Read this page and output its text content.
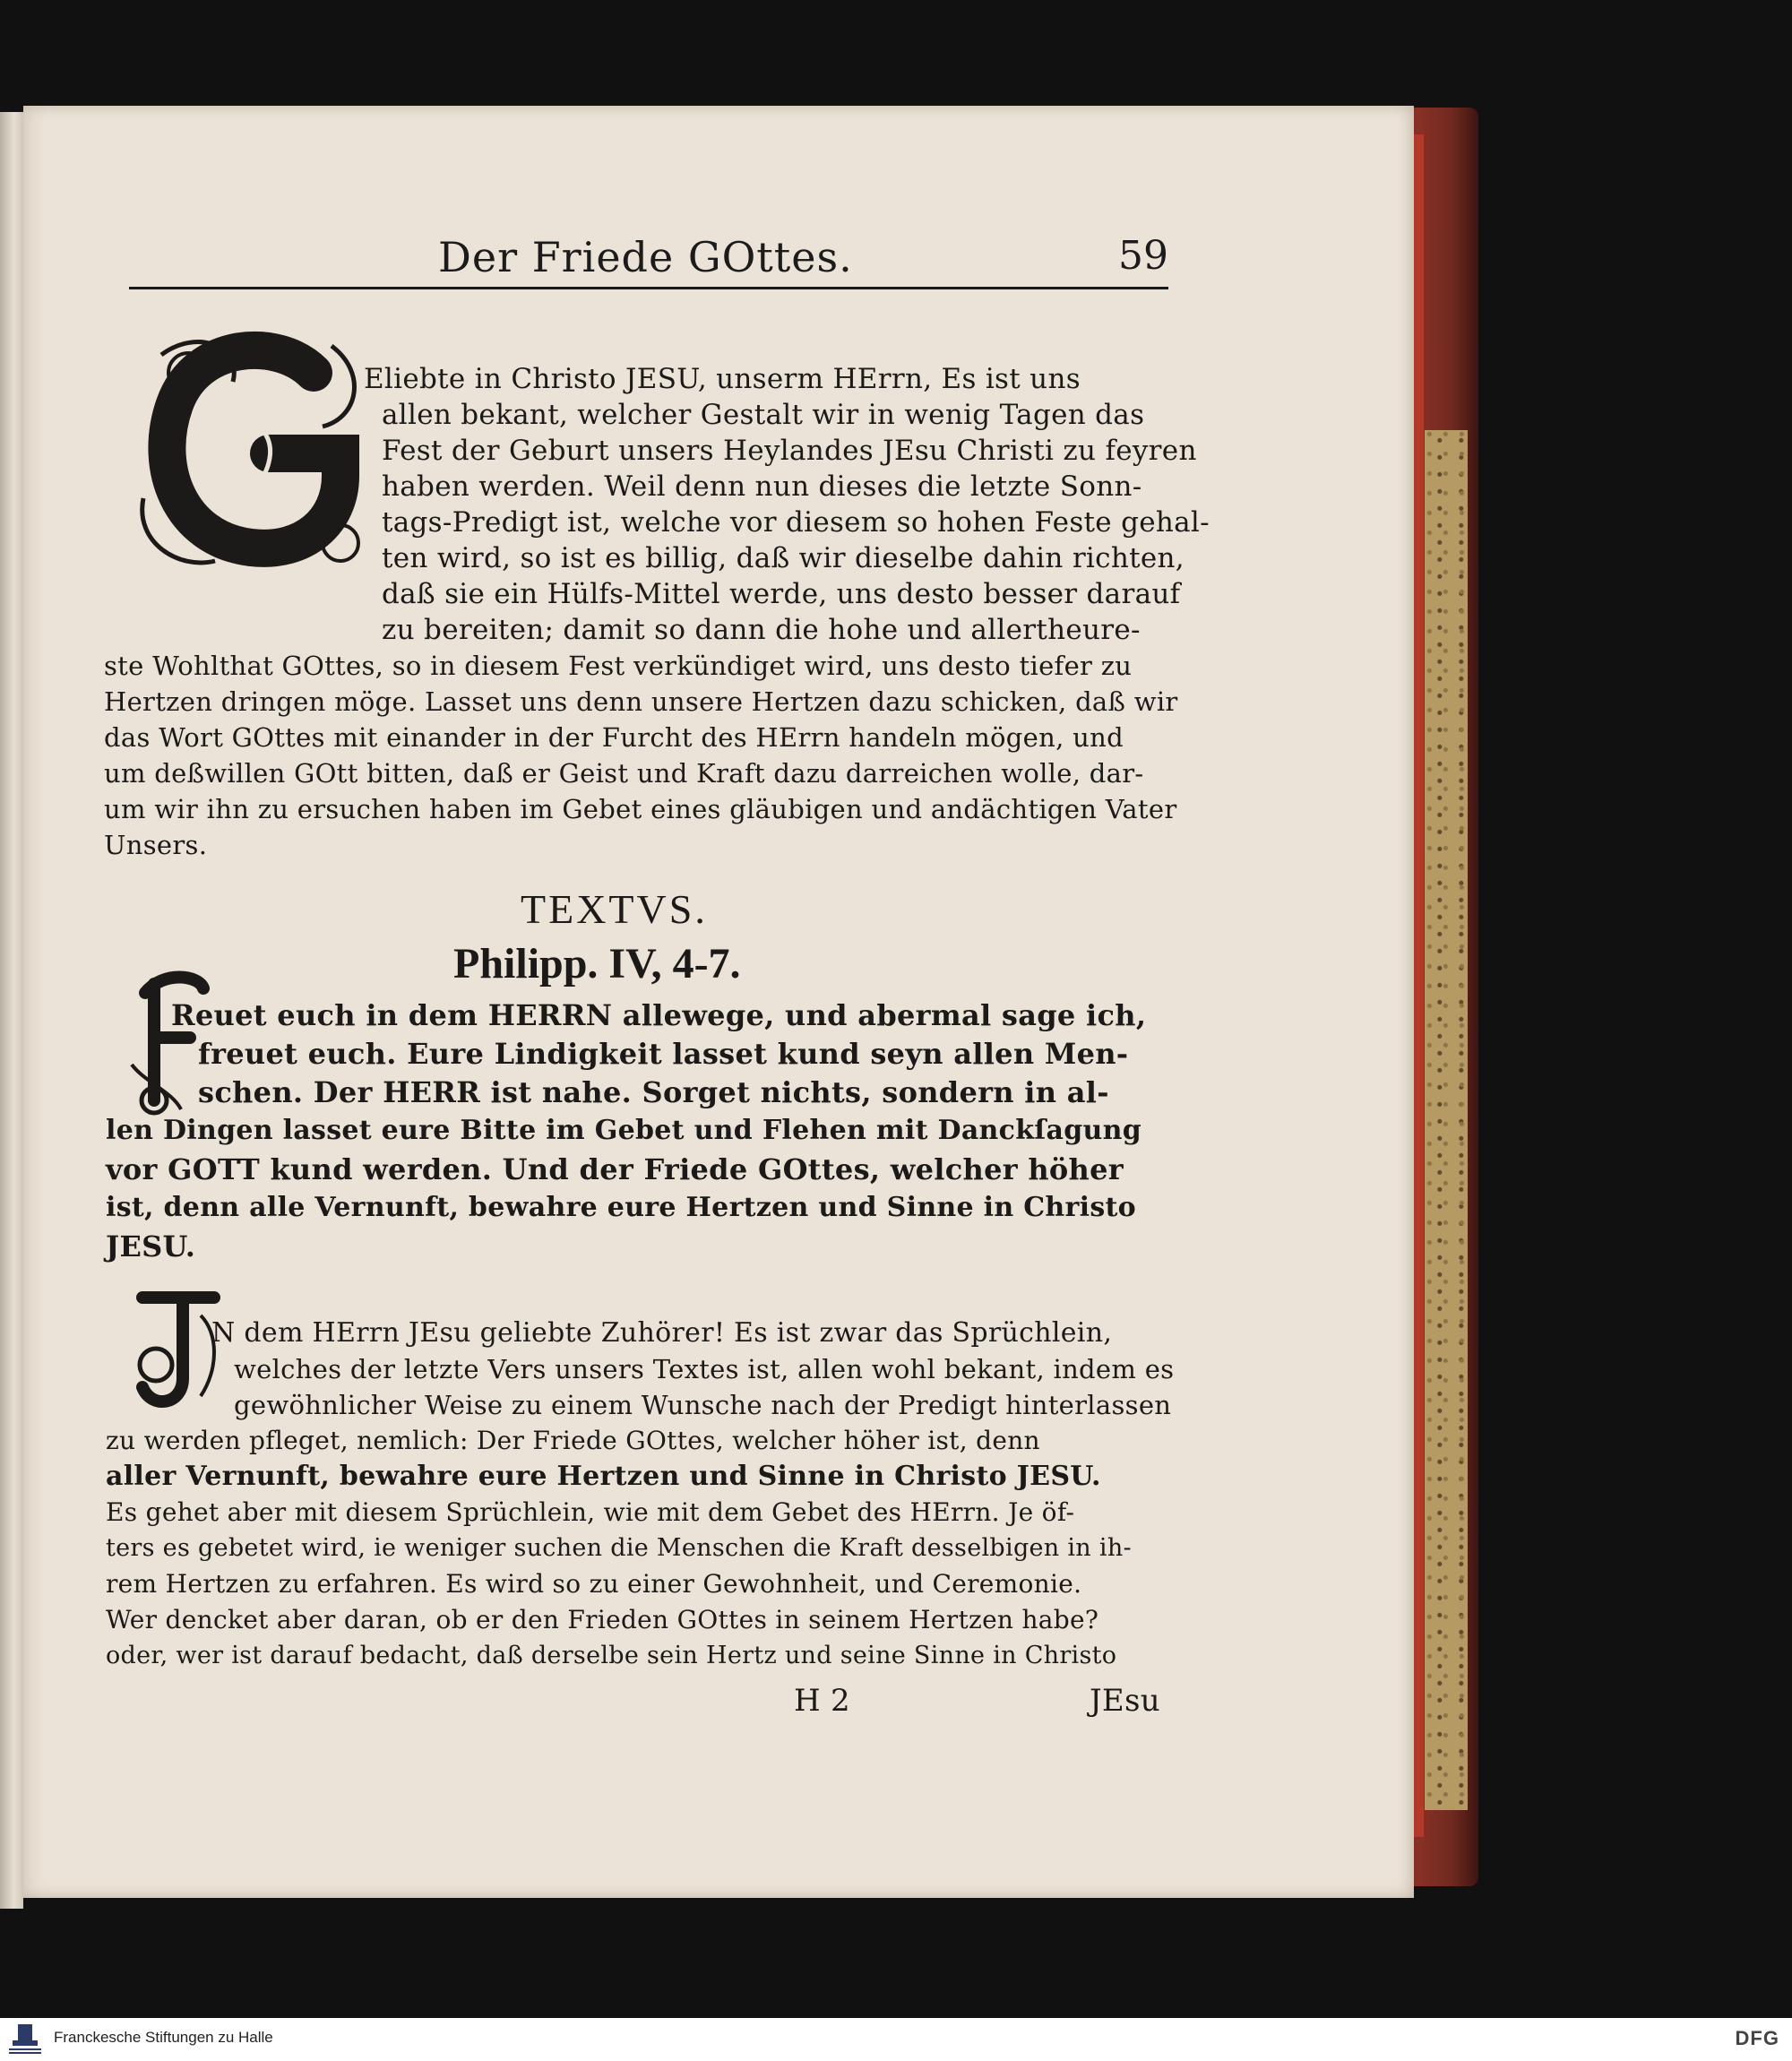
Der Friede GOttes.	59
Eliebte in Christo JESU, unserm HErrn, Es ist uns
allen bekant, welcher Gestalt wir in wenig Tagen das
Fest der Geburt unsers Heylandes JEsu Christi zu feyren
haben werden. Weil denn nun dieses die letzte Sonn-
tags-Predigt ist, welche vor diesem so hohen Feste gehal-
ten wird, so ist es billig, daß wir dieselbe dahin richten,
daß sie ein Hülfs-Mittel werde, uns desto besser darauf
zu bereiten; damit so dann die hohe und allertheure-
ste Wohlthat GOttes, so in diesem Fest verkündiget wird, uns desto tiefer zu
Hertzen dringen möge. Lasset uns denn unsere Hertzen dazu schicken, daß wir
das Wort GOttes mit einander in der Furcht des HErrn handeln mögen, und
um deßwillen GOtt bitten, daß er Geist und Kraft dazu darreichen wolle, dar-
um wir ihn zu ersuchen haben im Gebet eines gläubigen und andächtigen Vater
Unsers.
TEXTVS.
Philipp. IV, 4-7.
Reuet euch in dem HERRN allewege, und abermal sage ich,
freuet euch. Eure Lindigkeit lasset kund seyn allen Men-
schen. Der HERR ist nahe. Sorget nichts, sondern in al-
len Dingen lasset eure Bitte im Gebet und Flehen mit Danckſagung
vor GOTT kund werden. Und der Friede GOttes, welcher höher
ist, denn alle Vernunft, bewahre eure Hertzen und Sinne in Christo
JESU.
N dem HErrn JEsu geliebte Zuhörer! Es ist zwar das Sprüchlein,
welches der letzte Vers unsers Textes ist, allen wohl bekant, indem es
gewöhnlicher Weise zu einem Wunsche nach der Predigt hinterlassen
zu werden pfleget, nemlich: Der Friede GOttes, welcher höher ist, denn
aller Vernunft, bewahre eure Hertzen und Sinne in Christo JESU.
Es gehet aber mit diesem Sprüchlein, wie mit dem Gebet des HErrn. Je öf-
ters es gebetet wird, ie weniger suchen die Menschen die Kraft desselbigen in ih-
rem Hertzen zu erfahren. Es wird so zu einer Gewohnheit, und Ceremonie.
Wer dencket aber daran, ob er den Frieden GOttes in seinem Hertzen habe?
oder, wer ist darauf bedacht, daß derselbe sein Hertz und seine Sinne in Christo
H 2	JEsu
Franckesche Stiftungen zu Halle	DFG
